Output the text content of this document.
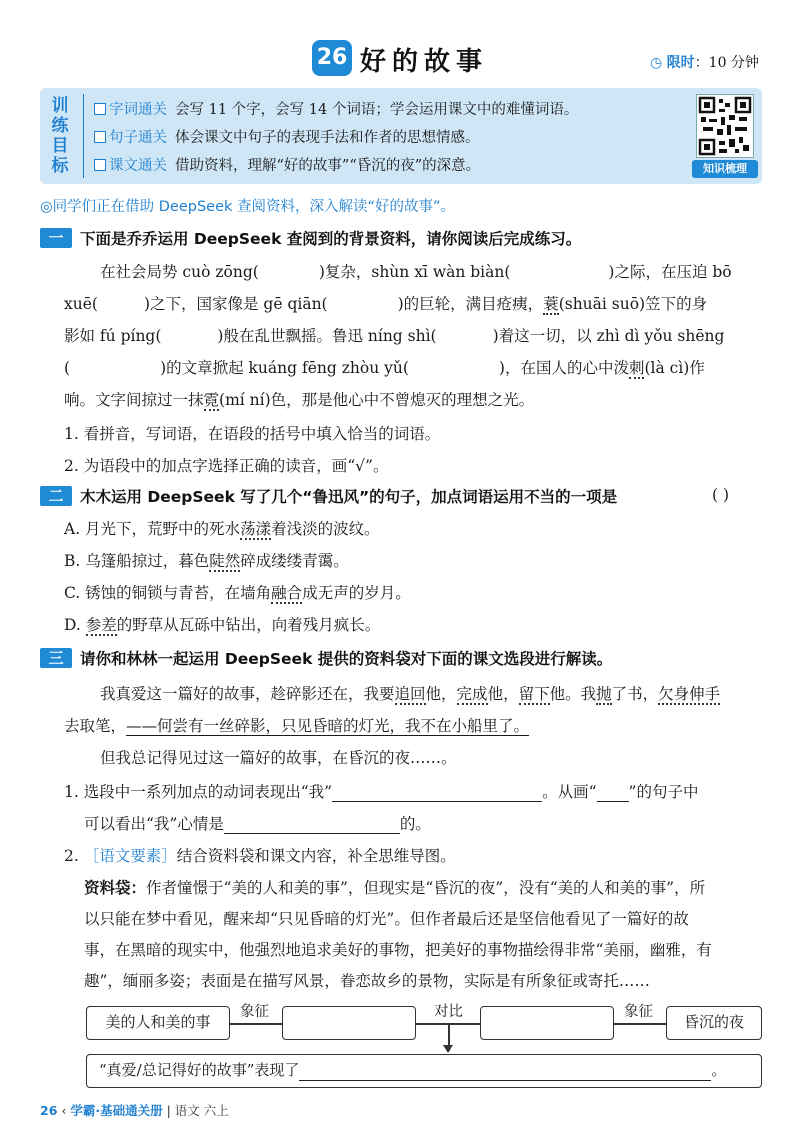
26 好的故事	◷ 限时：10 分钟
训
练
目
标
字词通关 会写 11 个字，会写 14 个词语；学会运用课文中的难懂词语。
句子通关 体会课文中句子的表现手法和作者的思想情感。
课文通关 借助资料，理解“好的故事”“昏沉的夜”的深意。	知识梳理
◎同学们正在借助 DeepSeek 查阅资料，深入解读“好的故事”。
一	下面是乔乔运用 DeepSeek 查阅到的背景资料，请你阅读后完成练习。
在社会局势 cuò zōng(	)复杂，shùn xī wàn biàn(	)之际，在压迫 bō
xuē(	)之下，国家像是 gē qiān(	)的巨轮，满目疮痍，蓑(shuāi suō)笠下的身
影如 fú píng(	)般在乱世飘摇。鲁迅 níng shì(	)着这一切，以 zhì dì yǒu shēng
(	)的文章掀起 kuáng fēng zhòu yǔ(	)，在国人的心中泼刺(là cì)作
响。文字间掠过一抹霓(mí ní)色，那是他心中不曾熄灭的理想之光。
1. 看拼音，写词语，在语段的括号中填入恰当的词语。
2. 为语段中的加点字选择正确的读音，画“√”。
二	木木运用 DeepSeek 写了几个“鲁迅风”的句子，加点词语运用不当的一项是	( )
A. 月光下，荒野中的死水荡漾着浅淡的波纹。
B. 乌篷船掠过，暮色陡然碎成缕缕青霭。
C. 锈蚀的铜锁与青苔，在墙角融合成无声的岁月。
D. 参差的野草从瓦砾中钻出，向着残月疯长。
三	请你和林林一起运用 DeepSeek 提供的资料袋对下面的课文选段进行解读。
我真爱这一篇好的故事，趁碎影还在，我要追回他，完成他，留下他。我抛了书，欠身伸手
去取笔，——何尝有一丝碎影，只见昏暗的灯光，我不在小船里了。
但我总记得见过这一篇好的故事，在昏沉的夜……。
1. 选段中一系列加点的动词表现出“我”	。从画“ ”的句子中
可以看出“我”心情是	的。
2. ［语文要素］结合资料袋和课文内容，补全思维导图。
资料袋：作者憧憬于“美的人和美的事”，但现实是“昏沉的夜”，没有“美的人和美的事”，所
以只能在梦中看见，醒来却“只见昏暗的灯光”。但作者最后还是坚信他看见了一篇好的故
事，在黑暗的现实中，他强烈地追求美好的事物，把美好的事物描绘得非常“美丽，幽雅，有
趣”，缅丽多姿；表面是在描写风景，眷恋故乡的景物，实际是有所象征或寄托……
美的人和美的事
象征	对比	象征
昏沉的夜
“真爱/总记得好的故事”表现了	。
26 ‹ 学霸·基础通关册 | 语文 六上
